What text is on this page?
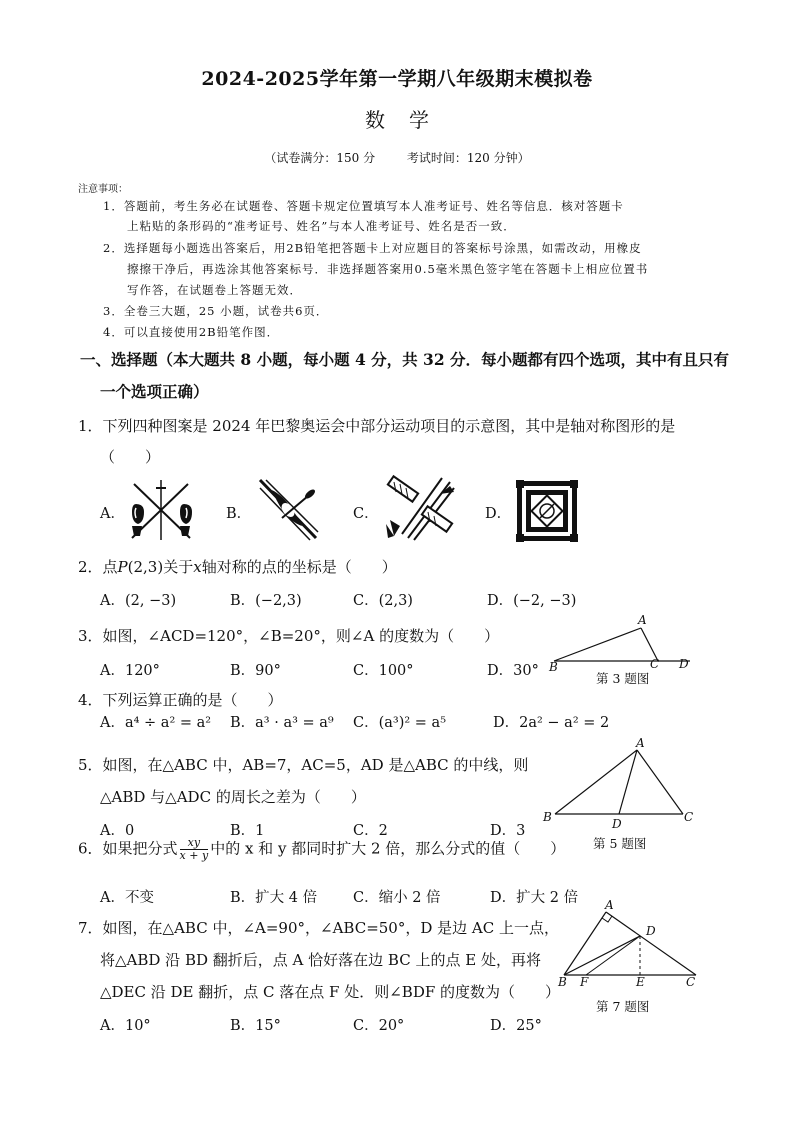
2024-2025学年第一学期八年级期末模拟卷
数学
（试卷满分：150 分	考试时间：120 分钟）
注意事项：
1．答题前，考生务必在试题卷、答题卡规定位置填写本人准考证号、姓名等信息．核对答题卡
上粘贴的条形码的“准考证号、姓名”与本人准考证号、姓名是否一致．
2．选择题每小题选出答案后，用2B铅笔把答题卡上对应题目的答案标号涂黑，如需改动，用橡皮
擦擦干净后，再选涂其他答案标号．非选择题答案用0.5毫米黑色签字笔在答题卡上相应位置书
写作答，在试题卷上答题无效．
3．全卷三大题，25 小题，试卷共6页．
4．可以直接使用2B铅笔作图．
一、选择题（本大题共 8 小题，每小题 4 分，共 32 分．每小题都有四个选项，其中有且只有
一个选项正确）
1．下列四种图案是 2024 年巴黎奥运会中部分运动项目的示意图，其中是轴对称图形的是
（　　）
A．	B．	C．	D．
2．点P(2,3)关于x轴对称的点的坐标是（　　）
A．(2, −3)	B．(−2,3)	C．(2,3)	D．(−2, −3)
3．如图，∠ACD=120°，∠B=20°，则∠A 的度数为（　　）
A．120°	B．90°	C．100°	D．30°
A
B	C D
第 3 题图
4．下列运算正确的是（　　）
A．a⁴ ÷ a² = a² B．a³ · a³ = a⁹ C．(a³)² = a⁵	D．2a² − a² = 2
5．如图，在△ABC 中，AB=7，AC=5，AD 是△ABC 的中线，则
△ABD 与△ADC 的周长之差为（　　）
A．0	B．1	C．2	D．3
A
B	D	C
第 5 题图
6．如果把分式 $\frac{xy}{x + y}$ 中的 x 和 y 都同时扩大 2 倍，那么分式的值（　　）
A．不变	B．扩大 4 倍 C．缩小 2 倍	D．扩大 2 倍
7．如图，在△ABC 中，∠A=90°，∠ABC=50°，D 是边 AC 上一点，
将△ABD 沿 BD 翻折后，点 A 恰好落在边 BC 上的点 E 处，再将
△DEC 沿 DE 翻折，点 C 落在点 F 处．则∠BDF 的度数为（　　）
A．10°	B．15°	C．20°	D．25°
A
D
B F	E	C
第 7 题图
